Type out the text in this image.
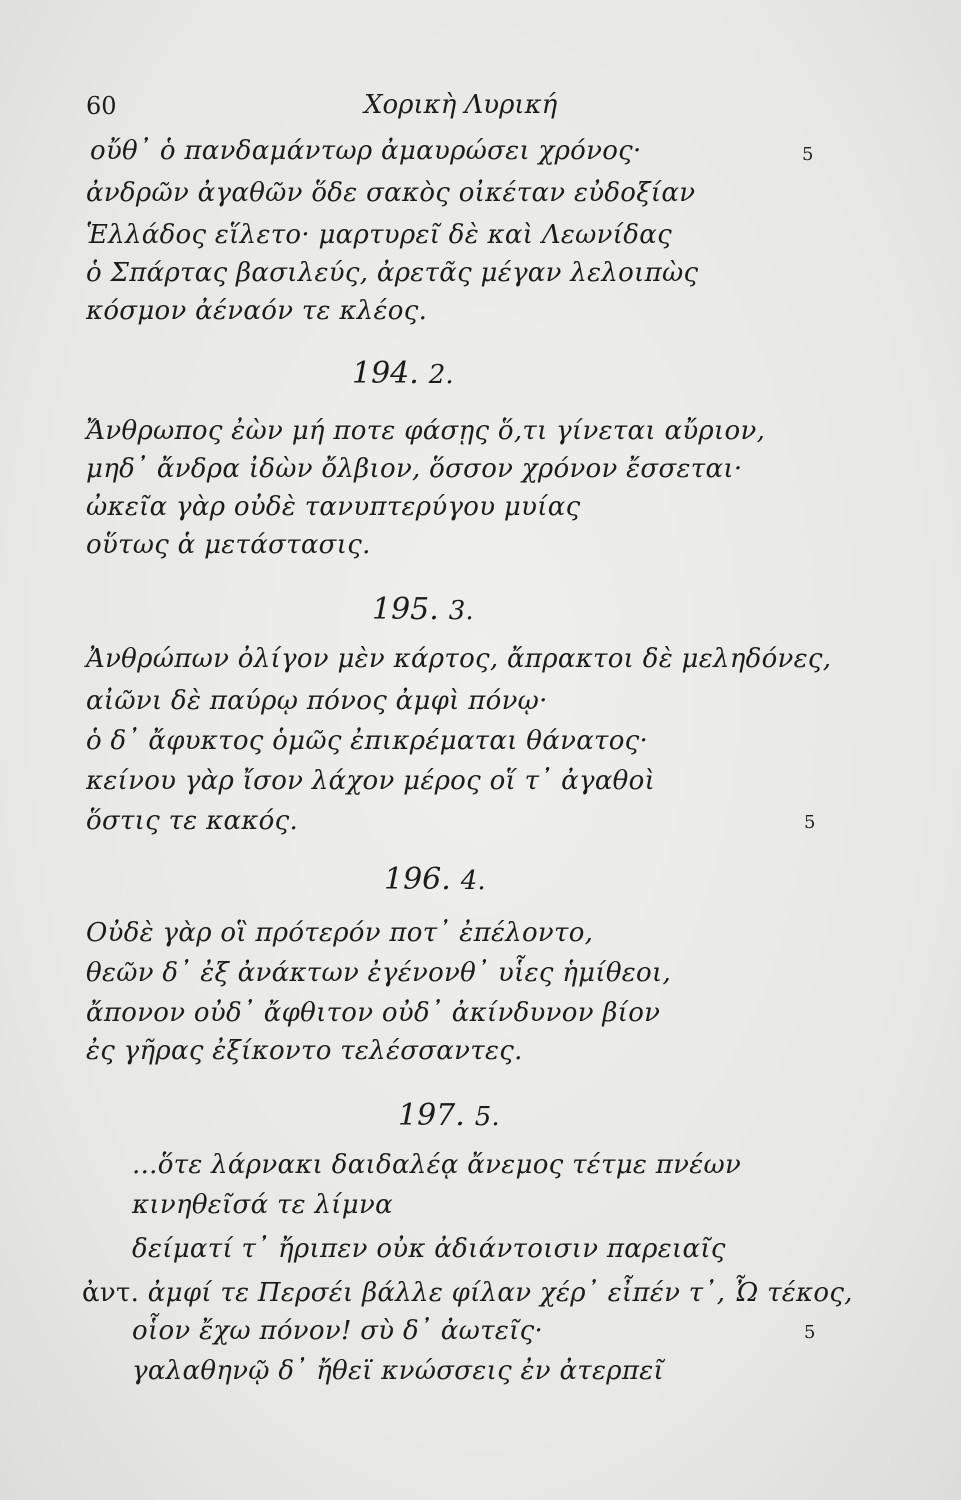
60	Χορικὴ Λυρική
οὔθ᾽ ὁ πανδαμάντωρ ἀμαυρώσει χρόνος·	5
ἀνδρῶν ἀγαθῶν ὅδε σακὸς οἰκέταν εὐδοξίαν
Ἑλλάδος εἵλετο· μαρτυρεῖ δὲ καὶ Λεωνίδας
ὁ Σπάρτας βασιλεύς, ἀρετᾶς μέγαν λελοιπὼς
κόσμον ἀέναόν τε κλέος.
194. 2.
Ἄνθρωπος ἐὼν μή ποτε φάσῃς ὅ,τι γίνεται αὔριον,
μηδ᾽ ἄνδρα ἰδὼν ὄλβιον, ὅσσον χρόνον ἔσσεται·
ὠκεῖα γὰρ οὐδὲ τανυπτερύγου μυίας
οὕτως ἁ μετάστασις.
195. 3.
Ἀνθρώπων ὀλίγον μὲν κάρτος, ἄπρακτοι δὲ μεληδόνες,
αἰῶνι δὲ παύρῳ πόνος ἀμφὶ πόνῳ·
ὁ δ᾽ ἄφυκτος ὁμῶς ἐπικρέμαται θάνατος·
κείνου γὰρ ἴσον λάχον μέρος οἵ τ᾽ ἀγαθοὶ
ὅστις τε κακός.	5
196. 4.
Οὐδὲ γὰρ οἳ πρότερόν ποτ᾽ ἐπέλοντο,
θεῶν δ᾽ ἐξ ἀνάκτων ἐγένονθ᾽ υἷες ἡμίθεοι,
ἄπονον οὐδ᾽ ἄφθιτον οὐδ᾽ ἀκίνδυνον βίον
ἐς γῆρας ἐξίκοντο τελέσσαντες.
197. 5.
...ὅτε λάρνακι δαιδαλέᾳ ἄνεμος τέτμε πνέων
κινηθεῖσά τε λίμνα
δείματί τ᾽ ἤριπεν οὐκ ἀδιάντοισιν παρειαῖς
ἀντ. ἀμφί τε Περσέι βάλλε φίλαν χέρ᾽ εἶπέν τ᾽, Ὦ τέκος,
οἷον ἔχω πόνον! σὺ δ᾽ ἀωτεῖς·	5
γαλαθηνῷ δ᾽ ἤθεϊ κνώσσεις ἐν ἀτερπεῖ
